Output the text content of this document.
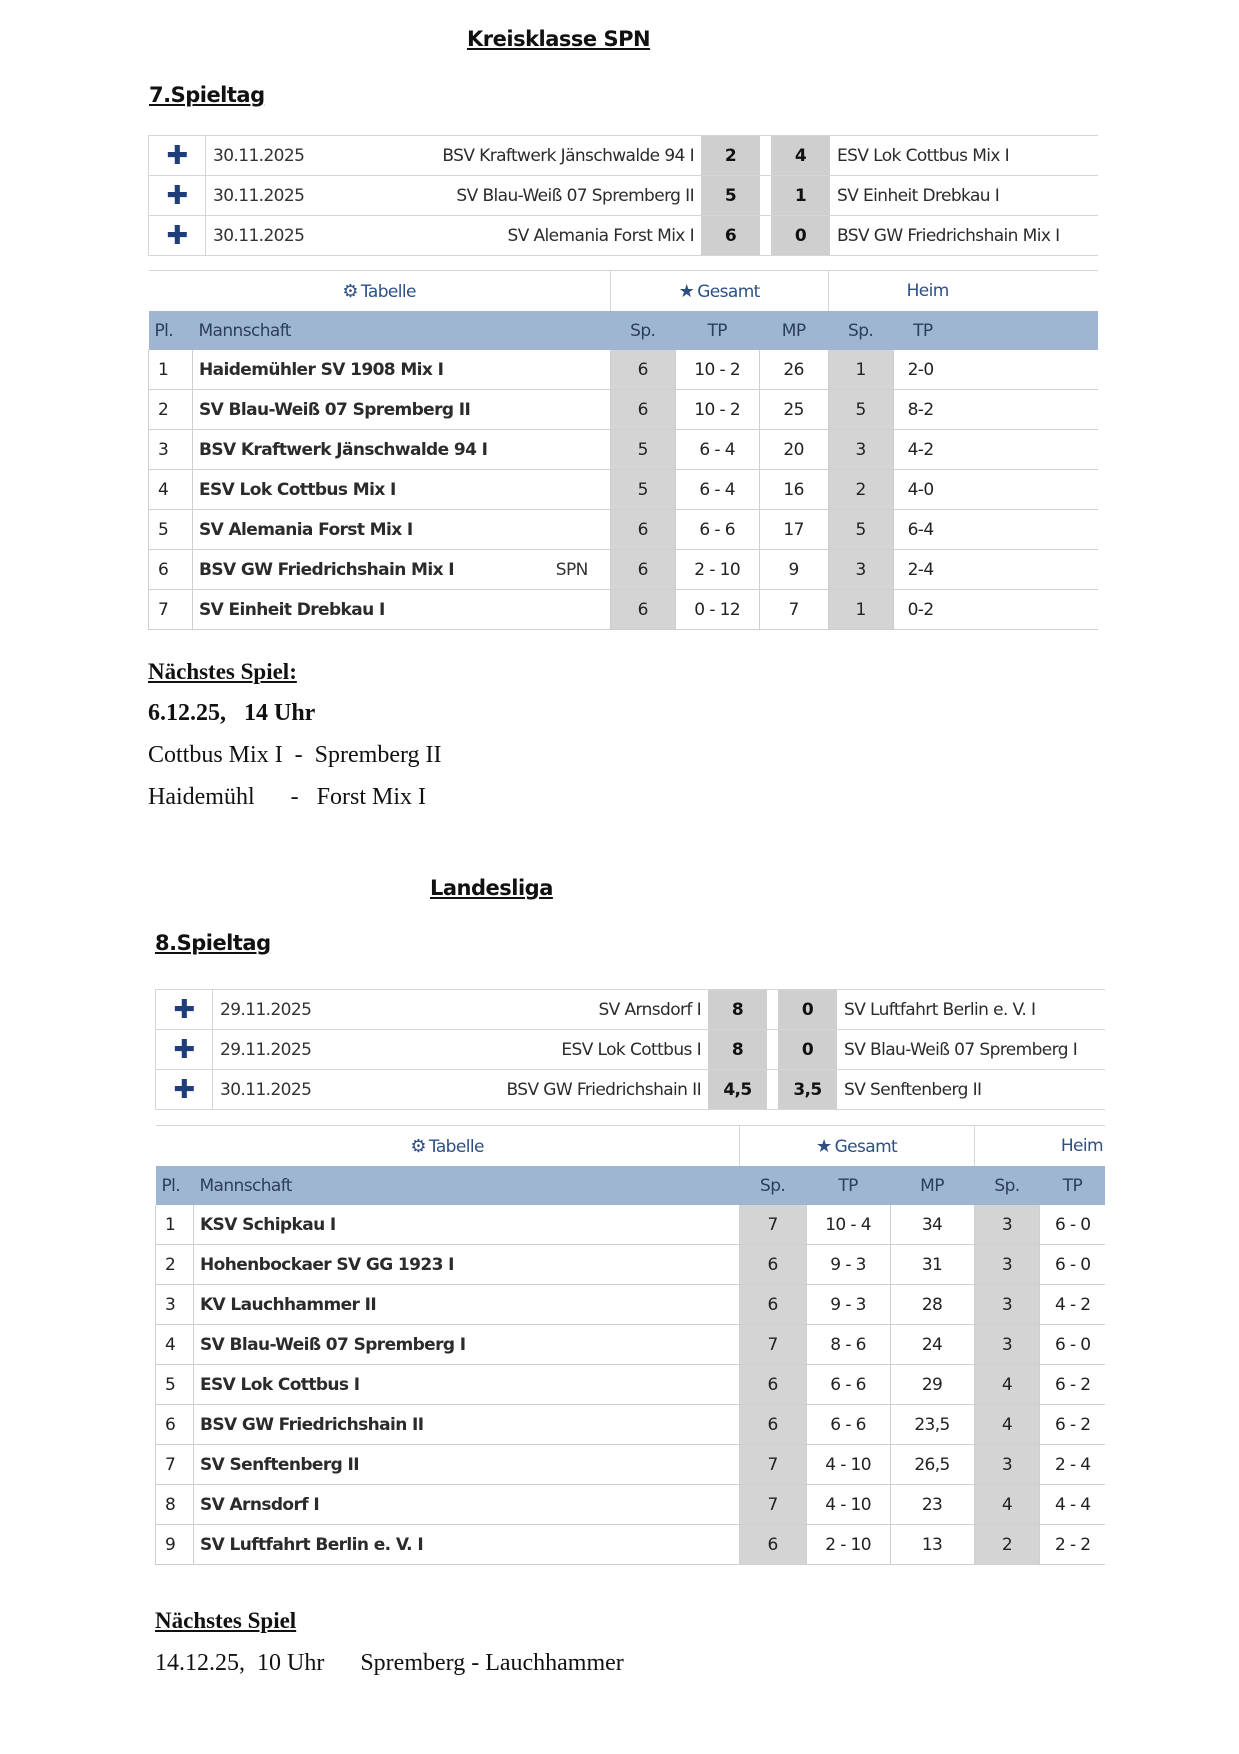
Kreisklasse SPN
7.Spieltag
✚	30.11.2025	BSV Kraftwerk Jänschwalde 94 I	2		4	ESV Lok Cottbus Mix I
✚	30.11.2025	SV Blau-Weiß 07 Spremberg II	5		1	SV Einheit Drebkau I
✚	30.11.2025	SV Alemania Forst Mix I	6		0	BSV GW Friedrichshain Mix I
⚙ Tabelle		★ Gesamt			Heim	
Pl.	Mannschaft	Sp.	TP	MP	Sp.	TP
1	Haidemühler SV 1908 Mix I	6	10 - 2	26	1	2-0
2	SV Blau-Weiß 07 Spremberg II	6	10 - 2	25	5	8-2
3	BSV Kraftwerk Jänschwalde 94 I	5	6 - 4	20	3	4-2
4	ESV Lok Cottbus Mix I	5	6 - 4	16	2	4-0
5	SV Alemania Forst Mix I	6	6 - 6	17	5	6-4
6	BSV GW Friedrichshain Mix I SPN	6	2 - 10	9	3	2-4
7	SV Einheit Drebkau I	6	0 - 12	7	1	0-2
Nächstes Spiel:
6.12.25,   14 Uhr
Cottbus Mix I  -  Spremberg II
Haidemühl      -   Forst Mix I
Landesliga
8.Spieltag
✚	29.11.2025	SV Arnsdorf I	8		0	SV Luftfahrt Berlin e. V. I
✚	29.11.2025	ESV Lok Cottbus I	8		0	SV Blau-Weiß 07 Spremberg I
✚	30.11.2025	BSV GW Friedrichshain II	4,5		3,5	SV Senftenberg II
⚙ Tabelle		★ Gesamt			Heim	
Pl.	Mannschaft	Sp.	TP	MP	Sp.	TP
1	KSV Schipkau I	7	10 - 4	34	3	6 - 0
2	Hohenbockaer SV GG 1923 I	6	9 - 3	31	3	6 - 0
3	KV Lauchhammer II	6	9 - 3	28	3	4 - 2
4	SV Blau-Weiß 07 Spremberg I	7	8 - 6	24	3	6 - 0
5	ESV Lok Cottbus I	6	6 - 6	29	4	6 - 2
6	BSV GW Friedrichshain II	6	6 - 6	23,5	4	6 - 2
7	SV Senftenberg II	7	4 - 10	26,5	3	2 - 4
8	SV Arnsdorf I	7	4 - 10	23	4	4 - 4
9	SV Luftfahrt Berlin e. V. I	6	2 - 10	13	2	2 - 2
Nächstes Spiel
14.12.25,  10 Uhr      Spremberg - Lauchhammer
